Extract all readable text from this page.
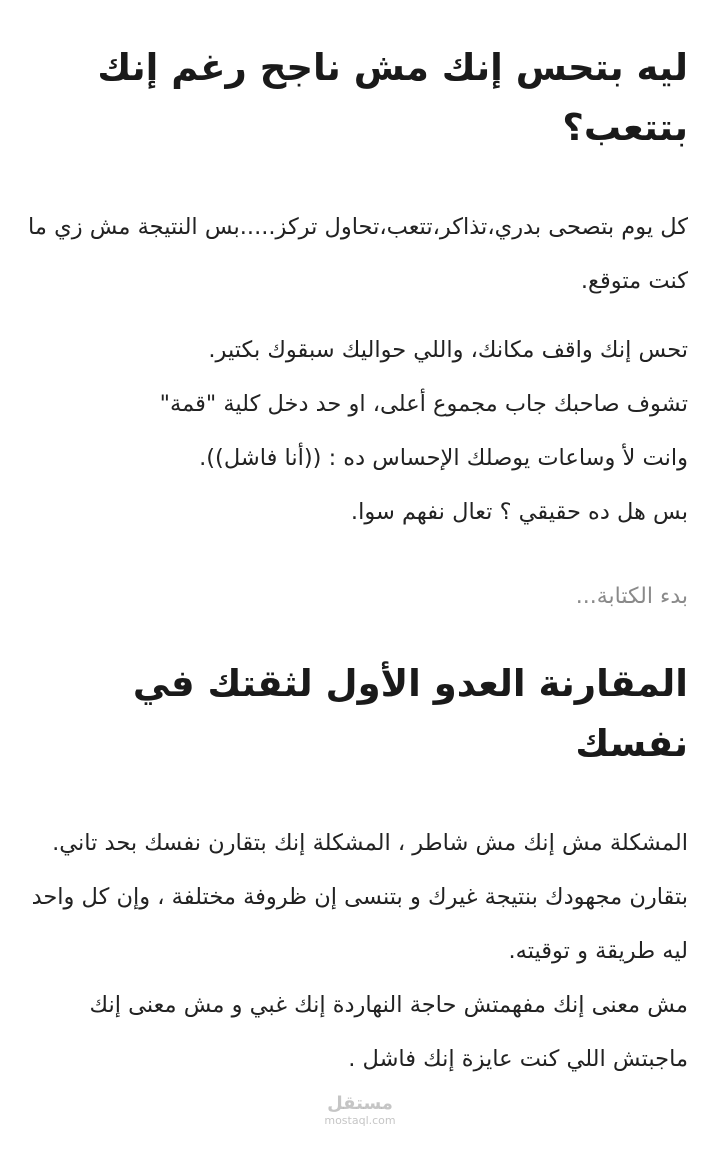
ليه بتحس إنك مش ناجح رغم إنك بتتعب؟

كل يوم بتصحى بدري،تذاكر،تتعب،تحاول تركز.....بس النتيجة مش زي ما كنت متوقع.

تحس إنك واقف مكانك، واللي حواليك سبقوك بكتير.
تشوف صاحبك جاب مجموع أعلى، او حد دخل كلية "قمة"
وانت لأ وساعات يوصلك الإحساس ده : ((أنا فاشل)).
بس هل ده حقيقي ؟ تعال نفهم سوا.

بدء الكتابة...
المقارنة العدو الأول لثقتك في نفسك

المشكلة مش إنك مش شاطر ، المشكلة إنك بتقارن نفسك بحد تاني.
بتقارن مجهودك بنتيجة غيرك و بتنسى إن ظروفة مختلفة ، وإن كل واحد ليه طريقة و توقيته.
مش معنى إنك مفهمتش حاجة النهاردة إنك غبي و مش معنى إنك ماجبتش اللي كنت عايزة إنك فاشل .

مستقل
mostaql.com
